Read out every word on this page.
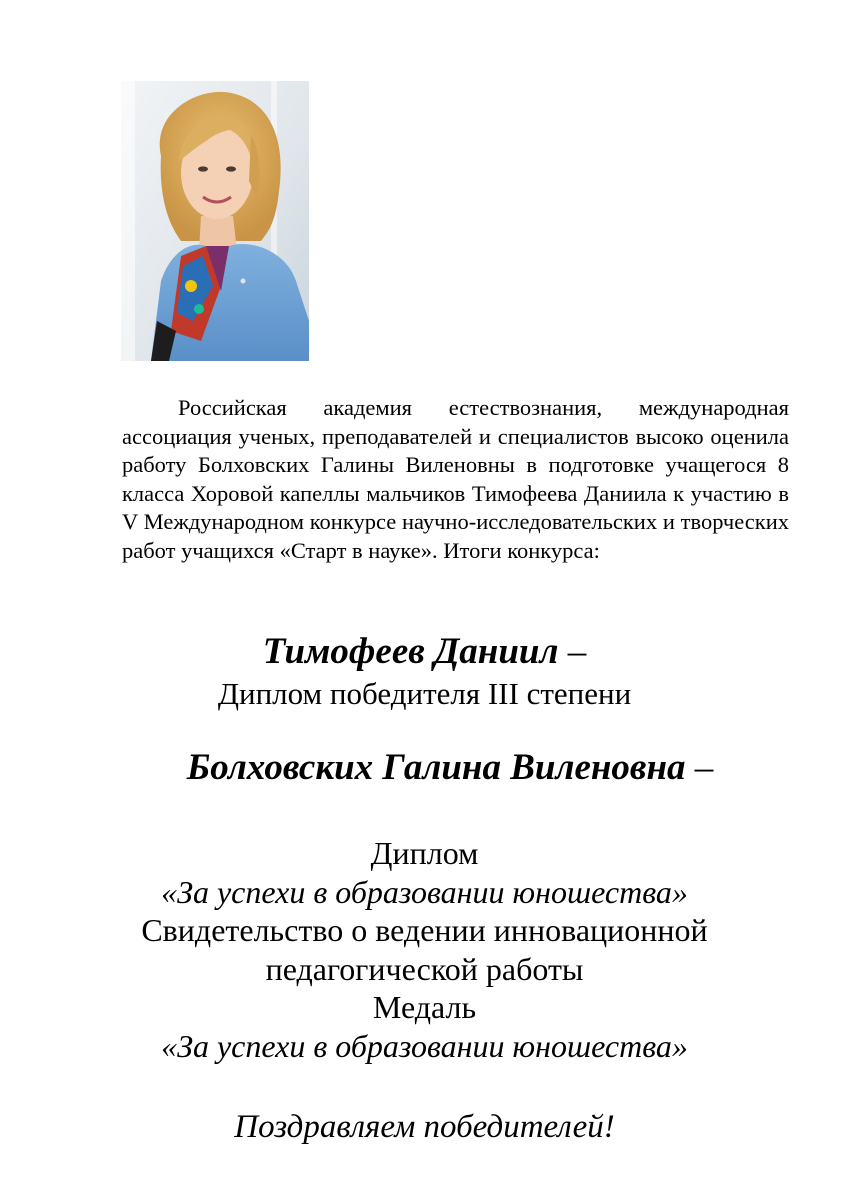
Российская академия естествознания, международная ассоциация ученых, преподавателей и специалистов высоко оценила работу Болховских Галины Виленовны в подготовке учащегося 8 класса Хоровой капеллы мальчиков Тимофеева Даниила к участию в V Международном конкурсе научно-исследовательских и творческих работ учащихся «Старт в науке». Итоги конкурса:

Тимофеев Даниил –
Диплом победителя III степени
Болховских Галина Виленовна –
Диплом
«За успехи в образовании юношества»
Свидетельство о ведении инновационной
педагогической работы
Медаль
«За успехи в образовании юношества»
Поздравляем победителей!
